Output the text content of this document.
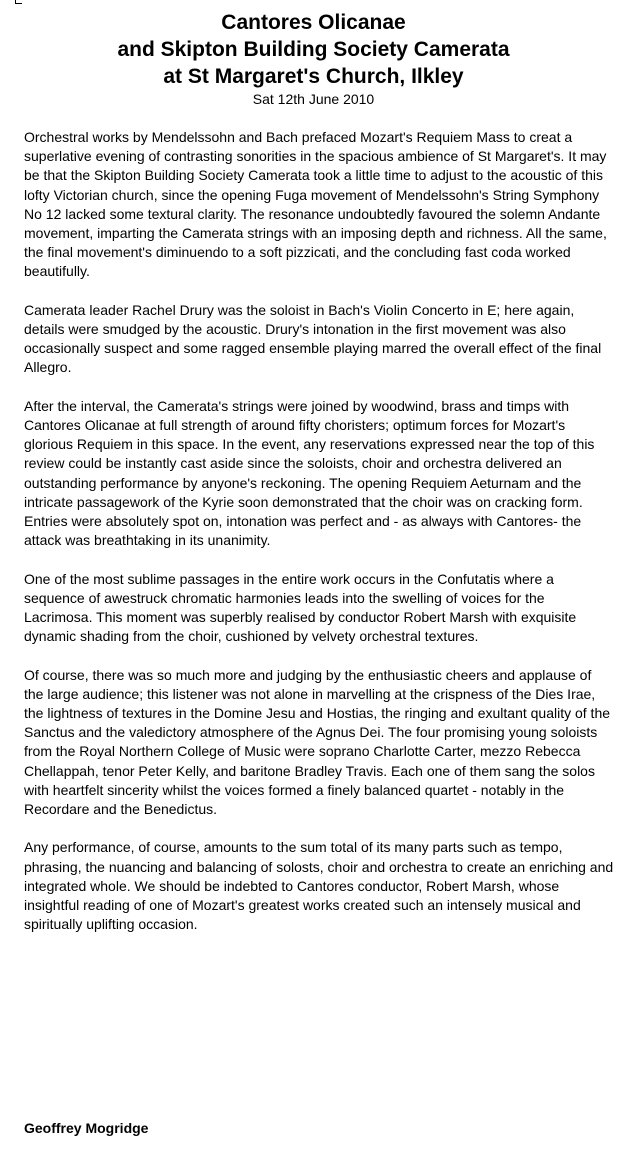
Cantores Olicanae

and Skipton Building Society Camerata

at St Margaret's Church, Ilkley

Sat 12th June 2010

Orchestral works by Mendelssohn and Bach prefaced Mozart's Requiem Mass to creat a superlative evening of contrasting sonorities in the spacious ambience of St Margaret's. It may be that the Skipton Building Society Camerata took a little time to adjust to the acoustic of this lofty Victorian church, since the opening Fuga movement of Mendelssohn's String Symphony No 12 lacked some textural clarity. The resonance undoubtedly favoured the solemn Andante movement, imparting the Camerata strings with an imposing depth and richness. All the same, the final movement's diminuendo to a soft pizzicati, and the concluding fast coda worked beautifully.

Camerata leader Rachel Drury was the soloist in Bach's Violin Concerto in E; here again, details were smudged by the acoustic. Drury's intonation in the first movement was also occasionally suspect and some ragged ensemble playing marred the overall effect of the final Allegro.

After the interval, the Camerata's strings were joined by woodwind, brass and timps with Cantores Olicanae at full strength of around fifty choristers; optimum forces for Mozart's glorious Requiem in this space. In the event, any reservations expressed near the top of this review could be instantly cast aside since the soloists, choir and orchestra delivered an outstanding performance by anyone's reckoning. The opening Requiem Aeturnam and the intricate passagework of the Kyrie soon demonstrated that the choir was on cracking form. Entries were absolutely spot on, intonation was perfect and - as always with Cantores- the attack was breathtaking in its unanimity.

One of the most sublime passages in the entire work occurs in the Confutatis where a sequence of awestruck chromatic harmonies leads into the swelling of voices for the Lacrimosa. This moment was superbly realised by conductor Robert Marsh with exquisite dynamic shading from the choir, cushioned by velvety orchestral textures.

Of course, there was so much more and judging by the enthusiastic cheers and applause of the large audience; this listener was not alone in marvelling at the crispness of the Dies Irae, the lightness of textures in the Domine Jesu and Hostias, the ringing and exultant quality of the Sanctus and the valedictory atmosphere of the Agnus Dei. The four promising young soloists from the Royal Northern College of Music were soprano Charlotte Carter, mezzo Rebecca Chellappah, tenor Peter Kelly, and baritone Bradley Travis. Each one of them sang the solos with heartfelt sincerity whilst the voices formed a finely balanced quartet - notably in the Recordare and the Benedictus.

Any performance, of course, amounts to the sum total of its many parts such as tempo, phrasing, the nuancing and balancing of solosts, choir and orchestra to create an enriching and integrated whole. We should be indebted to Cantores conductor, Robert Marsh, whose insightful reading of one of Mozart's greatest works created such an intensely musical and spiritually uplifting occasion.

Geoffrey Mogridge
